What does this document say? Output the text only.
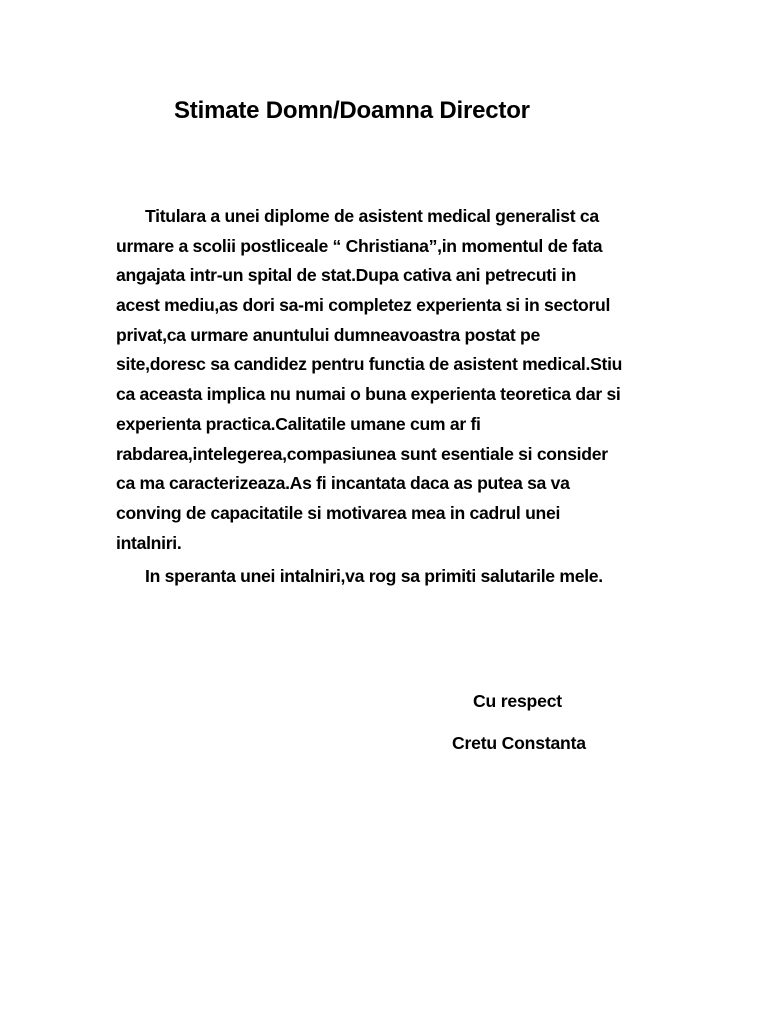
Stimate Domn/Doamna Director
Titulara a unei diplome de asistent medical generalist ca
urmare a scolii postliceale “ Christiana”,in momentul de fata
angajata intr-un spital de stat.Dupa cativa ani petrecuti in
acest mediu,as dori sa-mi completez experienta si in sectorul
privat,ca urmare anuntului dumneavoastra postat pe
site,doresc sa candidez pentru functia de asistent medical.Stiu
ca aceasta implica nu numai o buna experienta teoretica dar si
experienta practica.Calitatile umane cum ar fi
rabdarea,intelegerea,compasiunea sunt esentiale si consider
ca ma caracterizeaza.As fi incantata daca as putea sa va
conving de capacitatile si motivarea mea in cadrul unei
intalniri.
In speranta unei intalniri,va rog sa primiti salutarile mele.
Cu respect
Cretu Constanta
